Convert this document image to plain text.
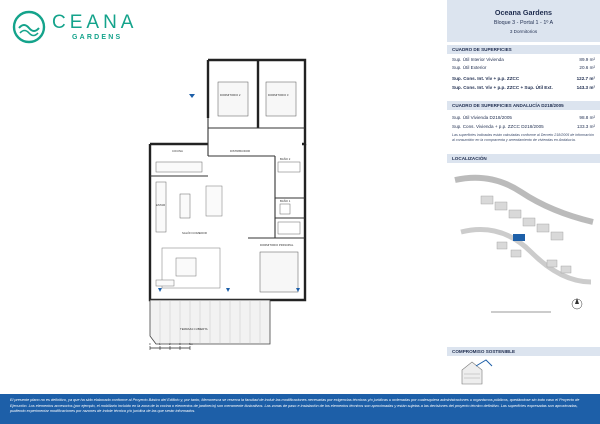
CEANA
GARDENS
0	1	2	3	5m
DORMITORIO 2	DORMITORIO 3
COCINA	DISTRIBUIDOR
BAÑO 2
BAÑO 1
ESTAR
SALÓN COMEDOR
DORMITORIO PRINCIPAL
TERRAZA CUBIERTA
Oceana Gardens
Bloque 3 - Portal 1 - 1º A
3 Dormitorios
CUADRO DE SUPERFICIES
Sup. Útil Interior Vivienda	89.9 m²
Sup. Útil Exterior	20.6 m²
Sup. Cons. Int. Viv + p.p. ZZCC	122.7 m²
Sup. Cons. Int. Viv + p.p. ZZCC + Sup. Útil Ext.	143.3 m²
CUADRO DE SUPERFICIES ANDALUCÍA D218/2005
Sup. Útil Vivienda D218/2005	98.8 m²
Sup. Cons. Vivienda + p.p. ZZCC D218/2005	133.3 m²
Las superficies indicadas están calculadas conforme al Decreto 218/2005 de información al consumidor en la compraventa y arrendamiento de viviendas en Andalucía.
LOCALIZACIÓN
COMPROMISO SOSTENIBLE

El presente plano no es definitivo, ya que ha sido elaborado conforme al Proyecto Básico del Edificio y, por tanto, Memoresca se reserva la facultad de incluir las modificaciones necesarias por exigencias técnicas y/o jurídicas u ordenadas por cualesquiera administraciones u organismos públicos, quedándose sin todo caso el Proyecto de Ejecución. Los elementos accesorios (por ejemplo, el mobiliario incluido en la zona de la cocina o elementos de jardinería) son meramente ilustrativos. Las zonas de paso e instalación de los elementos técnicos son aproximadas y están sujetas a las decisiones del proyecto técnico definitivo. Las superficies expresadas son aproximadas, pudiendo experimentar modificaciones por razones de índole técnica y/o jurídica de las que serán informados.
